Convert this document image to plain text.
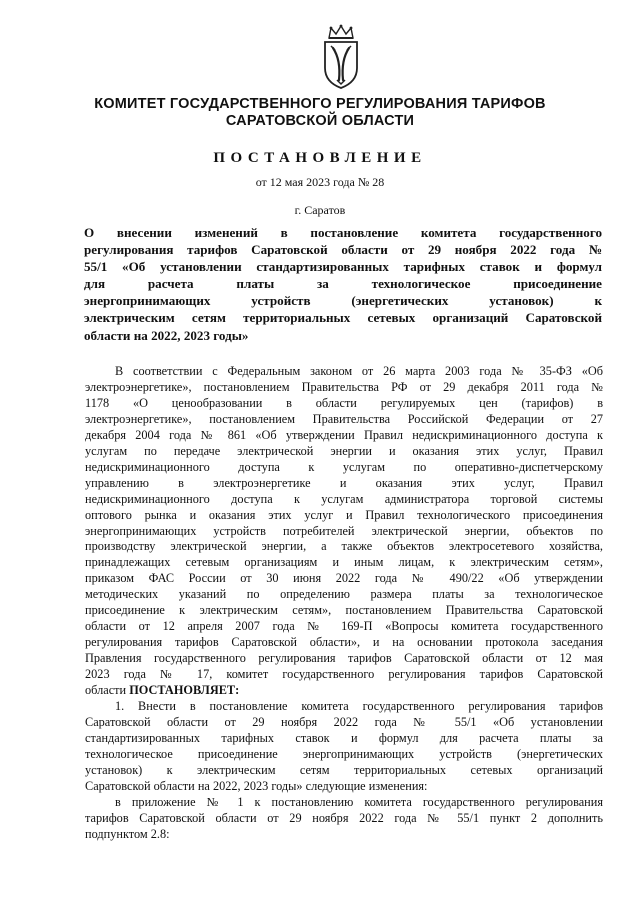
КОМИТЕТ ГОСУДАРСТВЕННОГО РЕГУЛИРОВАНИЯ ТАРИФОВ
САРАТОВСКОЙ ОБЛАСТИ
ПОСТАНОВЛЕНИЕ
от 12 мая 2023 года № 28
г. Саратов
О внесении изменений в постановление комитета государственного
регулирования тарифов Саратовской области от 29 ноября 2022 года №
55/1 «Об установлении стандартизированных тарифных ставок и формул
для расчета платы за технологическое присоединение
энергопринимающих устройств (энергетических установок) к
электрическим сетям территориальных сетевых организаций Саратовской
области на 2022, 2023 годы»
В соответствии с Федеральным законом от 26 марта 2003 года № 35-ФЗ «Об
электроэнергетике», постановлением Правительства РФ от 29 декабря 2011 года №
1178 «О ценообразовании в области регулируемых цен (тарифов) в
электроэнергетике», постановлением Правительства Российской Федерации от 27
декабря 2004 года № 861 «Об утверждении Правил недискриминационного доступа к
услугам по передаче электрической энергии и оказания этих услуг, Правил
недискриминационного доступа к услугам по оперативно-диспетчерскому
управлению в электроэнергетике и оказания этих услуг, Правил
недискриминационного доступа к услугам администратора торговой системы
оптового рынка и оказания этих услуг и Правил технологического присоединения
энергопринимающих устройств потребителей электрической энергии, объектов по
производству электрической энергии, а также объектов электросетевого хозяйства,
принадлежащих сетевым организациям и иным лицам, к электрическим сетям»,
приказом ФАС России от 30 июня 2022 года № 490/22 «Об утверждении
методических указаний по определению размера платы за технологическое
присоединение к электрическим сетям», постановлением Правительства Саратовской
области от 12 апреля 2007 года № 169-П «Вопросы комитета государственного
регулирования тарифов Саратовской области», и на основании протокола заседания
Правления государственного регулирования тарифов Саратовской области от 12 мая
2023 года № 17, комитет государственного регулирования тарифов Саратовской
области ПОСТАНОВЛЯЕТ:
1. Внести в постановление комитета государственного регулирования тарифов
Саратовской области от 29 ноября 2022 года № 55/1 «Об установлении
стандартизированных тарифных ставок и формул для расчета платы за
технологическое присоединение энергопринимающих устройств (энергетических
установок) к электрическим сетям территориальных сетевых организаций
Саратовской области на 2022, 2023 годы» следующие изменения:
в приложение № 1 к постановлению комитета государственного регулирования
тарифов Саратовской области от 29 ноября 2022 года № 55/1 пункт 2 дополнить
подпунктом 2.8:
